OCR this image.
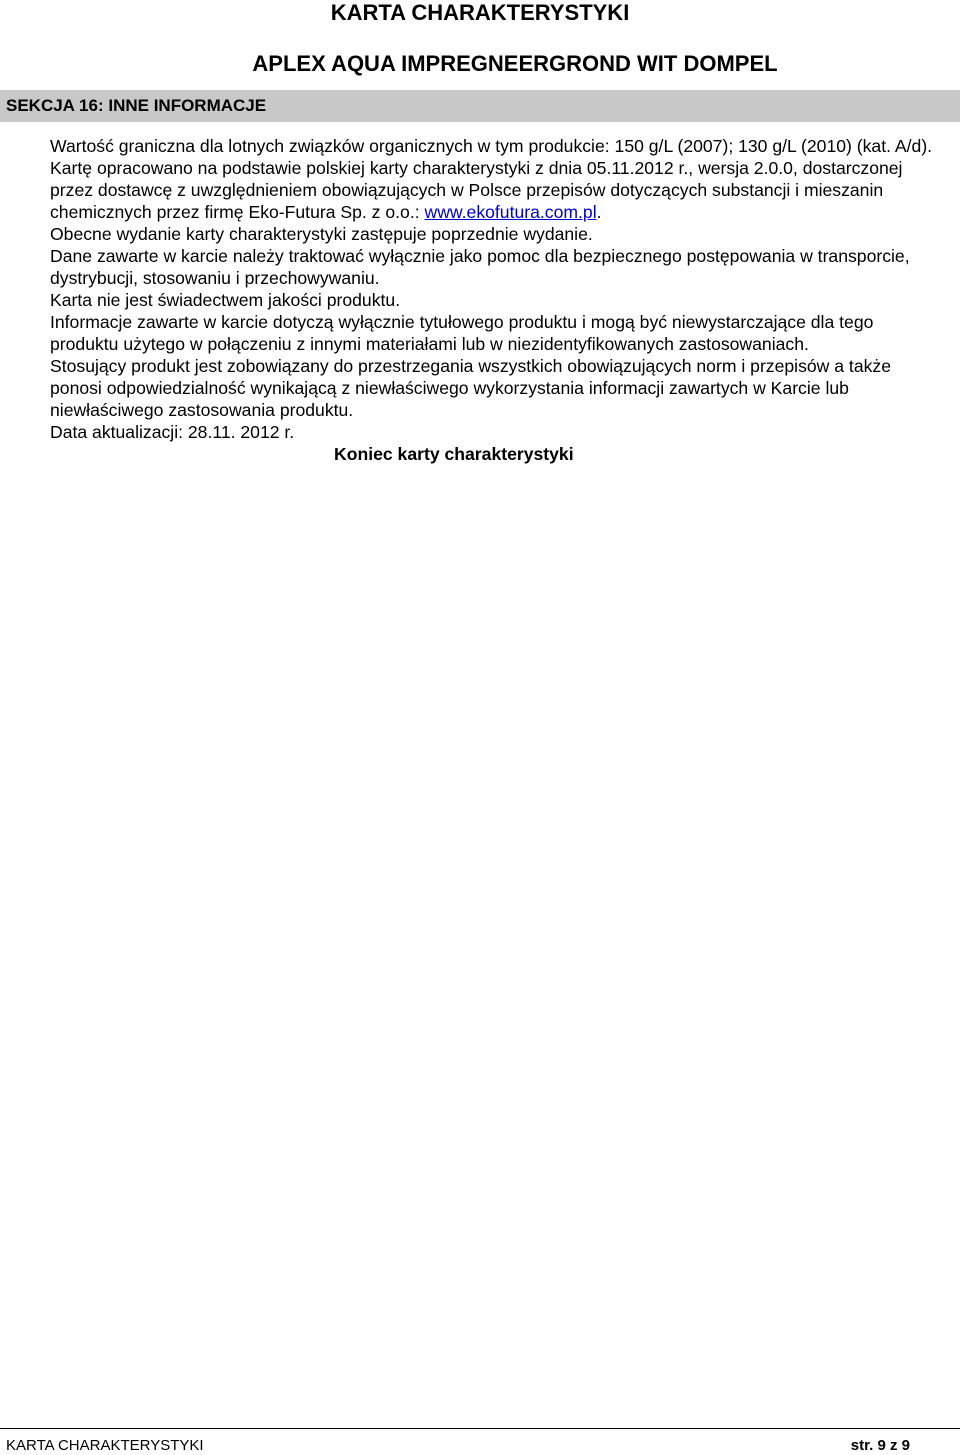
KARTA CHARAKTERYSTYKI
APLEX AQUA IMPREGNEERGROND WIT DOMPEL
SEKCJA 16: INNE INFORMACJE

Wartość graniczna dla lotnych związków organicznych w tym produkcie: 150 g/L (2007); 130 g/L (2010) (kat. A/d).

Kartę opracowano na podstawie polskiej karty charakterystyki z dnia 05.11.2012 r., wersja 2.0.0, dostarczonej przez dostawcę z uwzględnieniem obowiązujących w Polsce przepisów dotyczących substancji i mieszanin chemicznych przez firmę Eko-Futura Sp. z o.o.: www.ekofutura.com.pl.

Obecne wydanie karty charakterystyki zastępuje poprzednie wydanie.

Dane zawarte w karcie należy traktować wyłącznie jako pomoc dla bezpiecznego postępowania w transporcie, dystrybucji, stosowaniu i przechowywaniu.

Karta nie jest świadectwem jakości produktu.

Informacje zawarte w karcie dotyczą wyłącznie tytułowego produktu i mogą być niewystarczające dla tego produktu użytego w połączeniu z innymi materiałami lub w niezidentyfikowanych zastosowaniach.

Stosujący produkt jest zobowiązany do przestrzegania wszystkich obowiązujących norm i przepisów a także ponosi odpowiedzialność wynikającą z niewłaściwego wykorzystania informacji zawartych w Karcie lub niewłaściwego zastosowania produktu.

Data aktualizacji: 28.11. 2012 r.

Koniec karty charakterystyki
KARTA CHARAKTERYSTYKI	str. 9 z 9
